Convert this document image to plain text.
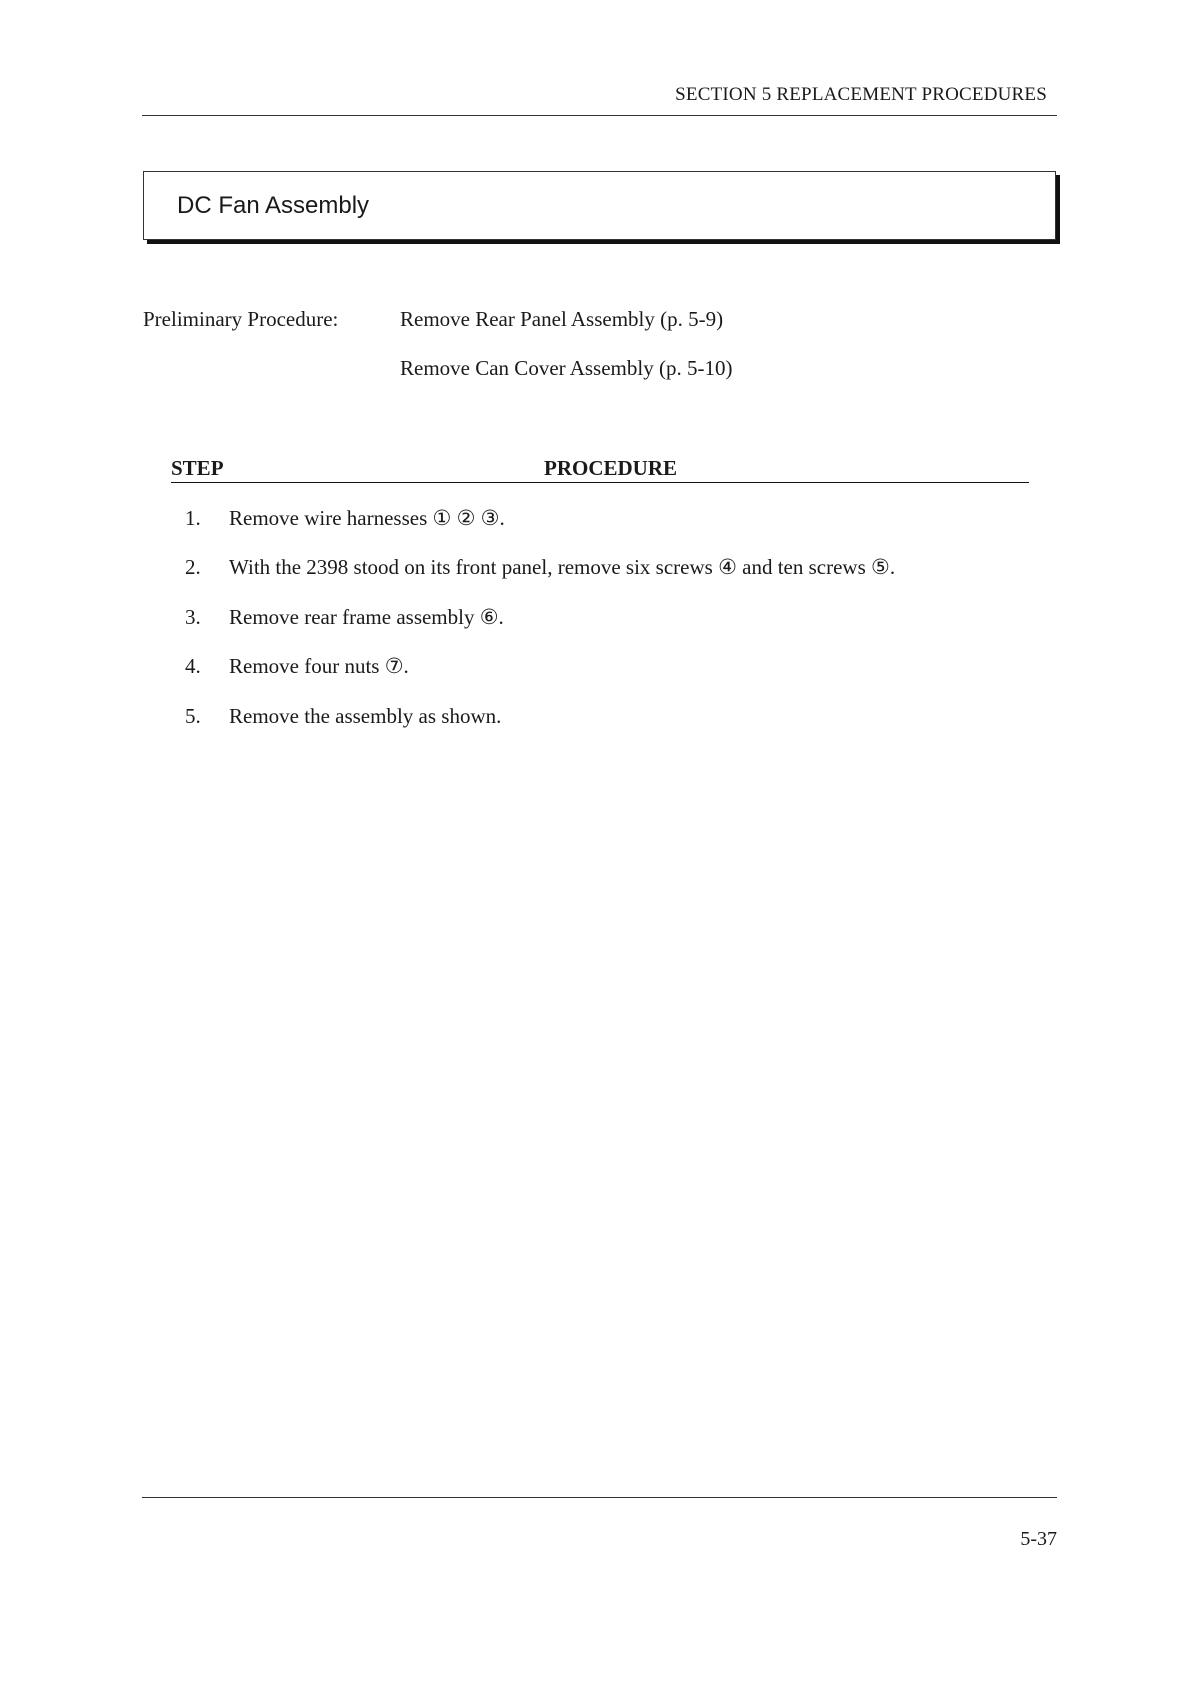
SECTION 5 REPLACEMENT PROCEDURES
DC Fan Assembly
Preliminary Procedure:	Remove Rear Panel Assembly (p. 5-9)
Remove Can Cover Assembly (p. 5-10)
STEP	PROCEDURE
1. Remove wire harnesses ① ② ③.
2. With the 2398 stood on its front panel, remove six screws ④ and ten screws ⑤.
3. Remove rear frame assembly ⑥.
4. Remove four nuts ⑦.
5. Remove the assembly as shown.
5-37
